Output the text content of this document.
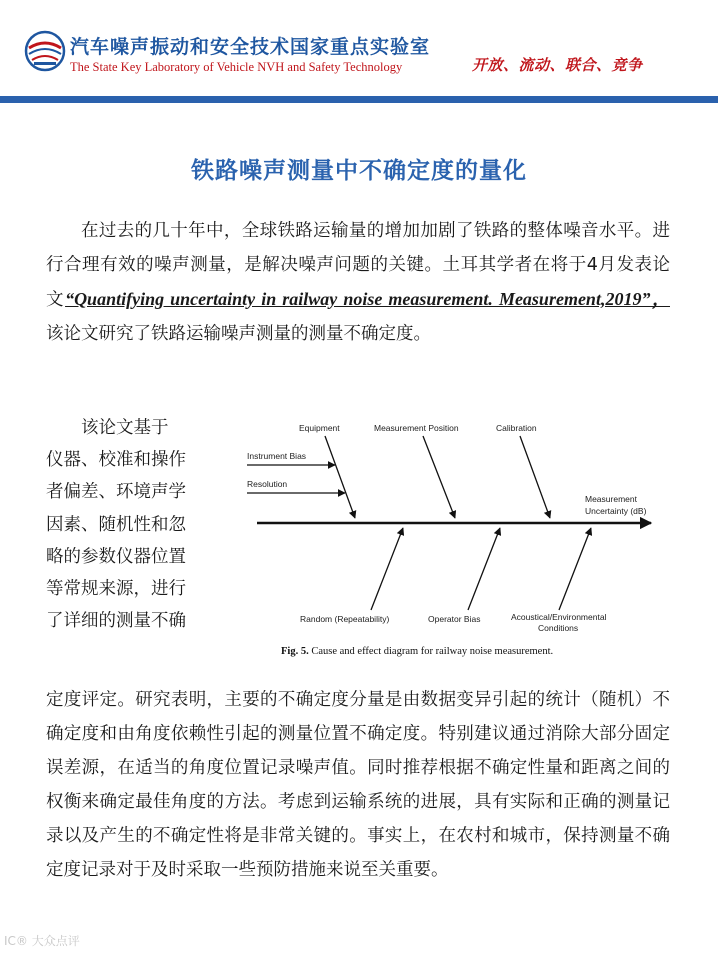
汽车噪声振动和安全技术国家重点实验室
The State Key Laboratory of Vehicle NVH and Safety Technology	开放、流动、联合、竞争
铁路噪声测量中不确定度的量化

在过去的几十年中，全球铁路运输量的增加加剧了铁路的整体噪音水平。进行合理有效的噪声测量，是解决噪声问题的关键。土耳其学者在将于4月发表论文“Quantifying uncertainty in railway noise measurement. Measurement,2019”，该论文研究了铁路运输噪声测量的测量不确定度。

该论文基于
仪器、校准和操作
者偏差、环境声学
因素、随机性和忽
略的参数仪器位置
等常规来源，进行
了详细的测量不确

Equipment	Measurement Position	Calibration
Instrument Bias
Resolution
Measurement
Uncertainty (dB)
Random (Repeatability)	Operator Bias	Acoustical/Environmental
Conditions
Fig. 5. Cause and effect diagram for railway noise measurement.

定度评定。研究表明，主要的不确定度分量是由数据变异引起的统计（随机）不确定度和由角度依赖性引起的测量位置不确定度。特别建议通过消除大部分固定误差源，在适当的角度位置记录噪声值。同时推荐根据不确定性量和距离之间的权衡来确定最佳角度的方法。考虑到运输系统的进展，具有实际和正确的测量记录以及产生的不确定性将是非常关键的。事实上，在农村和城市，保持测量不确定度记录对于及时采取一些预防措施来说至关重要。

IC® 大众点评
